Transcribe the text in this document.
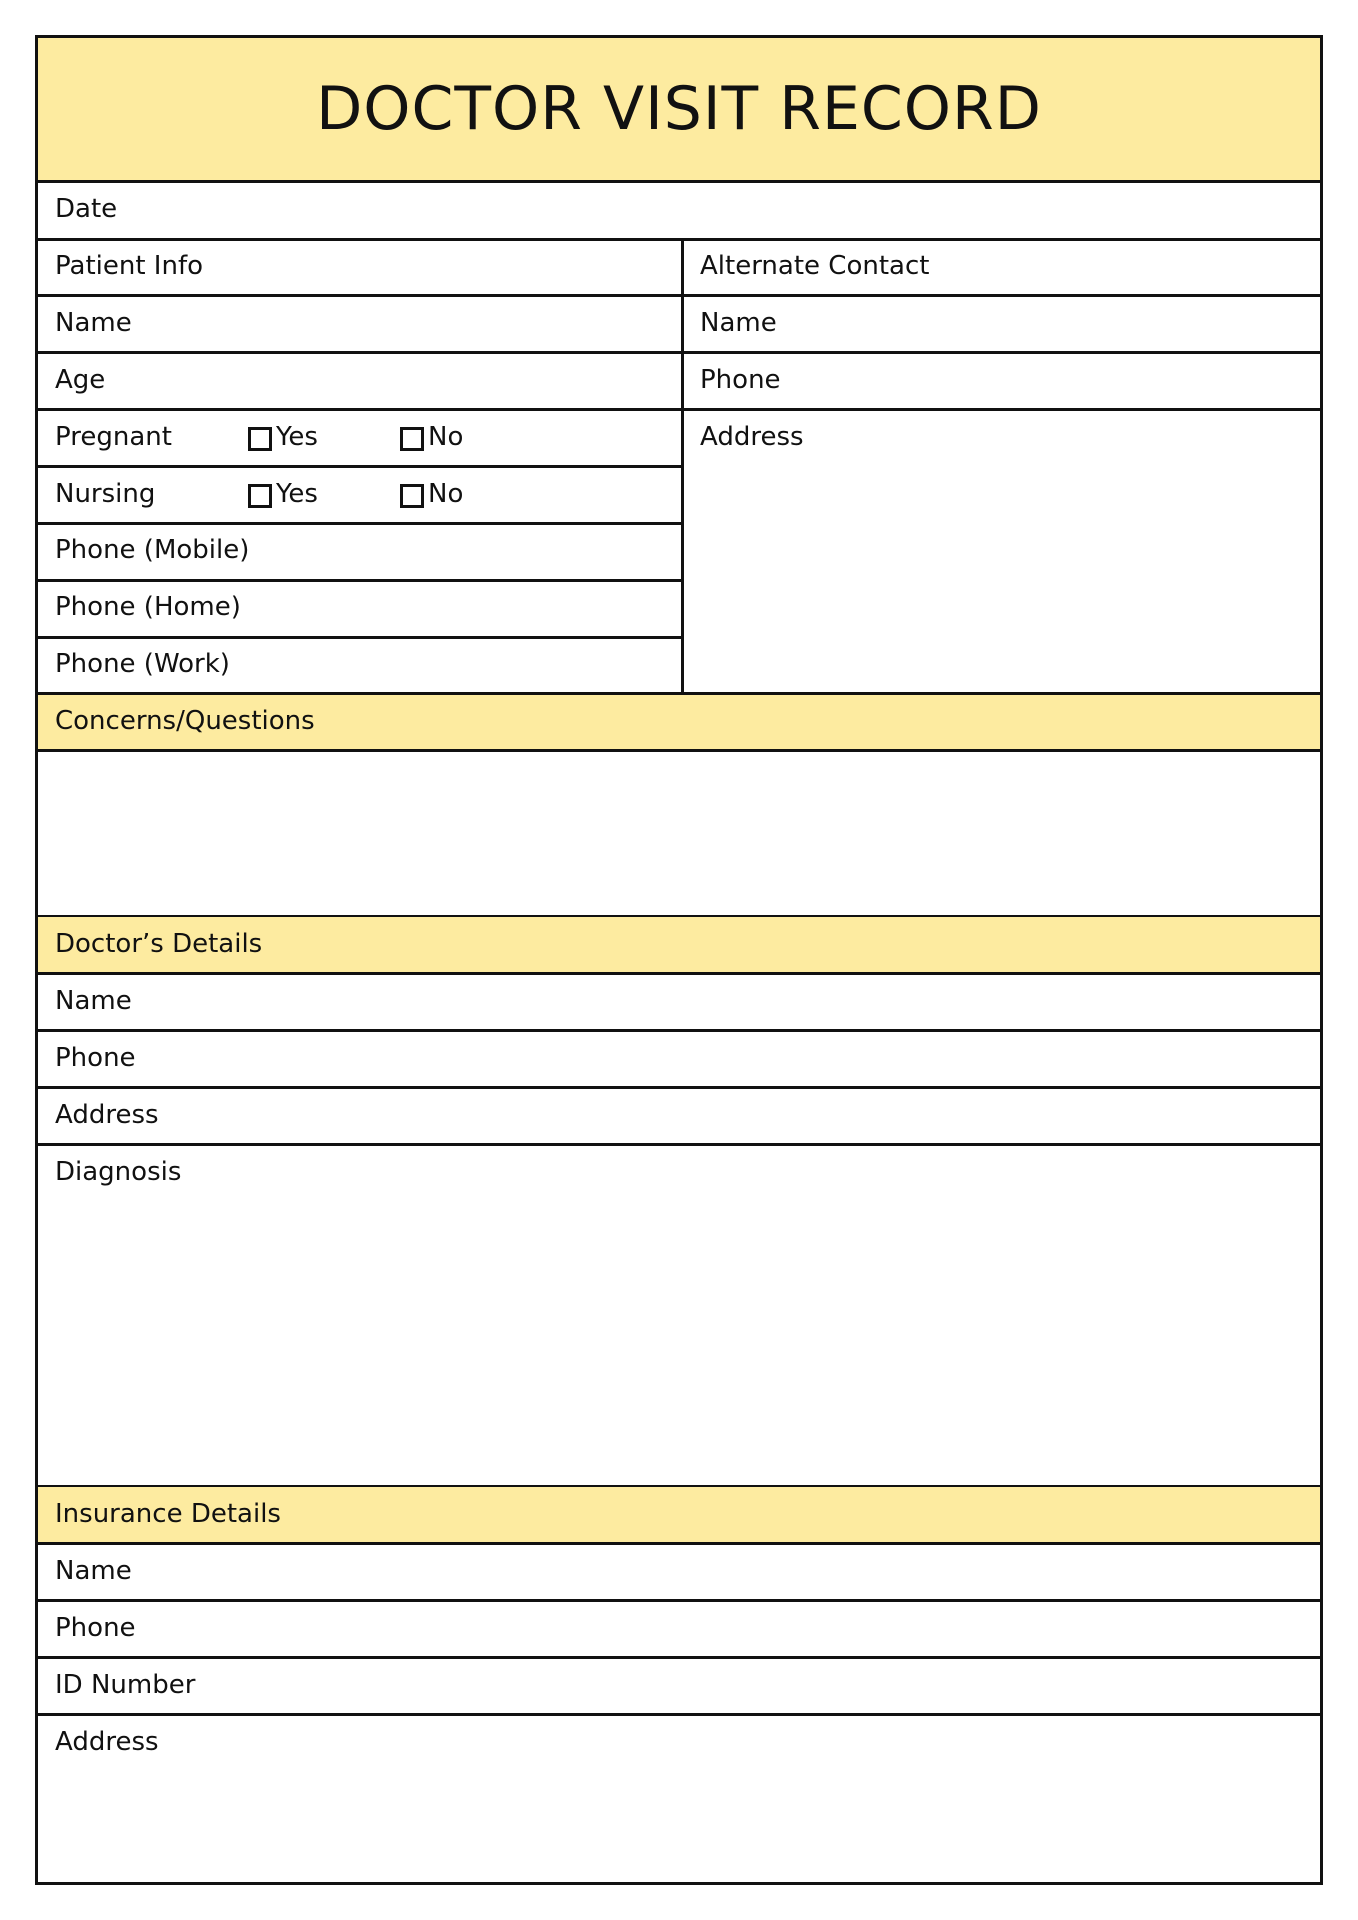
DOCTOR VISIT RECORD
Date
Patient Info	Alternate Contact
Name	Name
Age	Phone
Pregnant	Yes	No	Address
Nursing	Yes	No
Phone (Mobile)
Phone (Home)
Phone (Work)
Concerns/Questions
Doctor’s Details
Name
Phone
Address
Diagnosis
Insurance Details
Name
Phone
ID Number
Address
